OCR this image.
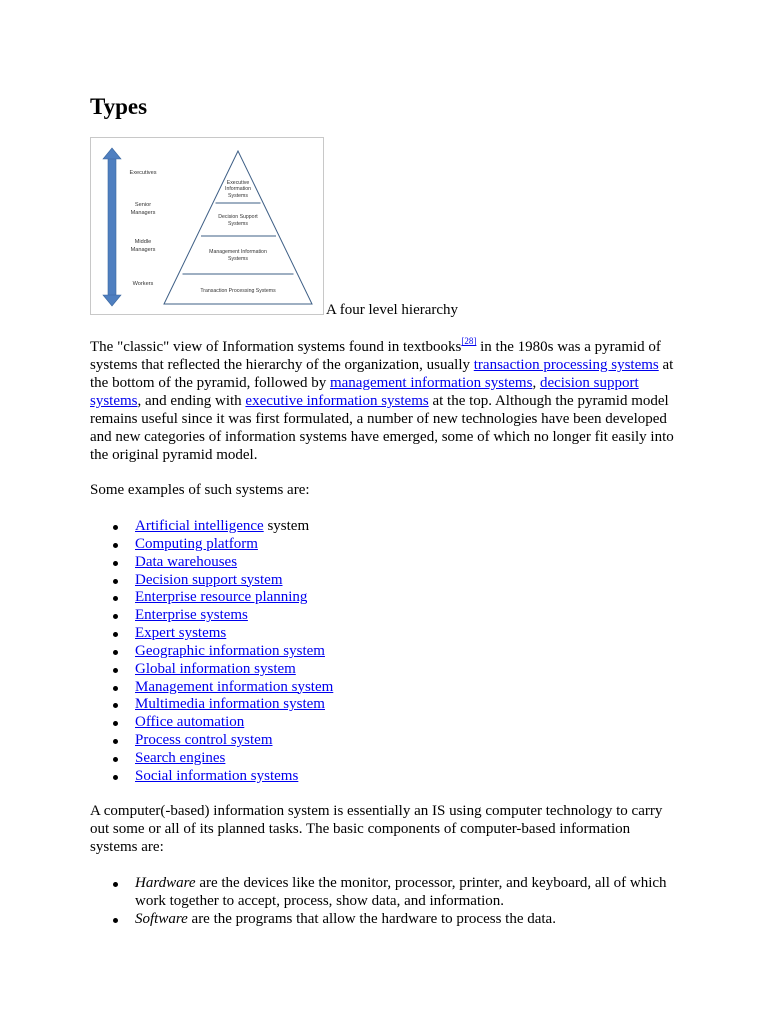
Types
Executives
Senior
Managers
Middle
Managers
Workers
Executive
Information
Systems
Decision Support
Systems
Management Information
Systems
Transaction Processing Systems
A four level hierarchy

The "classic" view of Information systems found in textbooks[28] in the 1980s was a pyramid of systems that reflected the hierarchy of the organization, usually transaction processing systems at the bottom of the pyramid, followed by management information systems, decision support systems, and ending with executive information systems at the top. Although the pyramid model remains useful since it was first formulated, a number of new technologies have been developed and new categories of information systems have emerged, some of which no longer fit easily into the original pyramid model.

Some examples of such systems are:

Artificial intelligence system
Computing platform
Data warehouses
Decision support system
Enterprise resource planning
Enterprise systems
Expert systems
Geographic information system
Global information system
Management information system
Multimedia information system
Office automation
Process control system
Search engines
Social information systems

A computer(-based) information system is essentially an IS using computer technology to carry out some or all of its planned tasks. The basic components of computer-based information systems are:

Hardware are the devices like the monitor, processor, printer, and keyboard, all of which work together to accept, process, show data, and information.
Software are the programs that allow the hardware to process the data.
